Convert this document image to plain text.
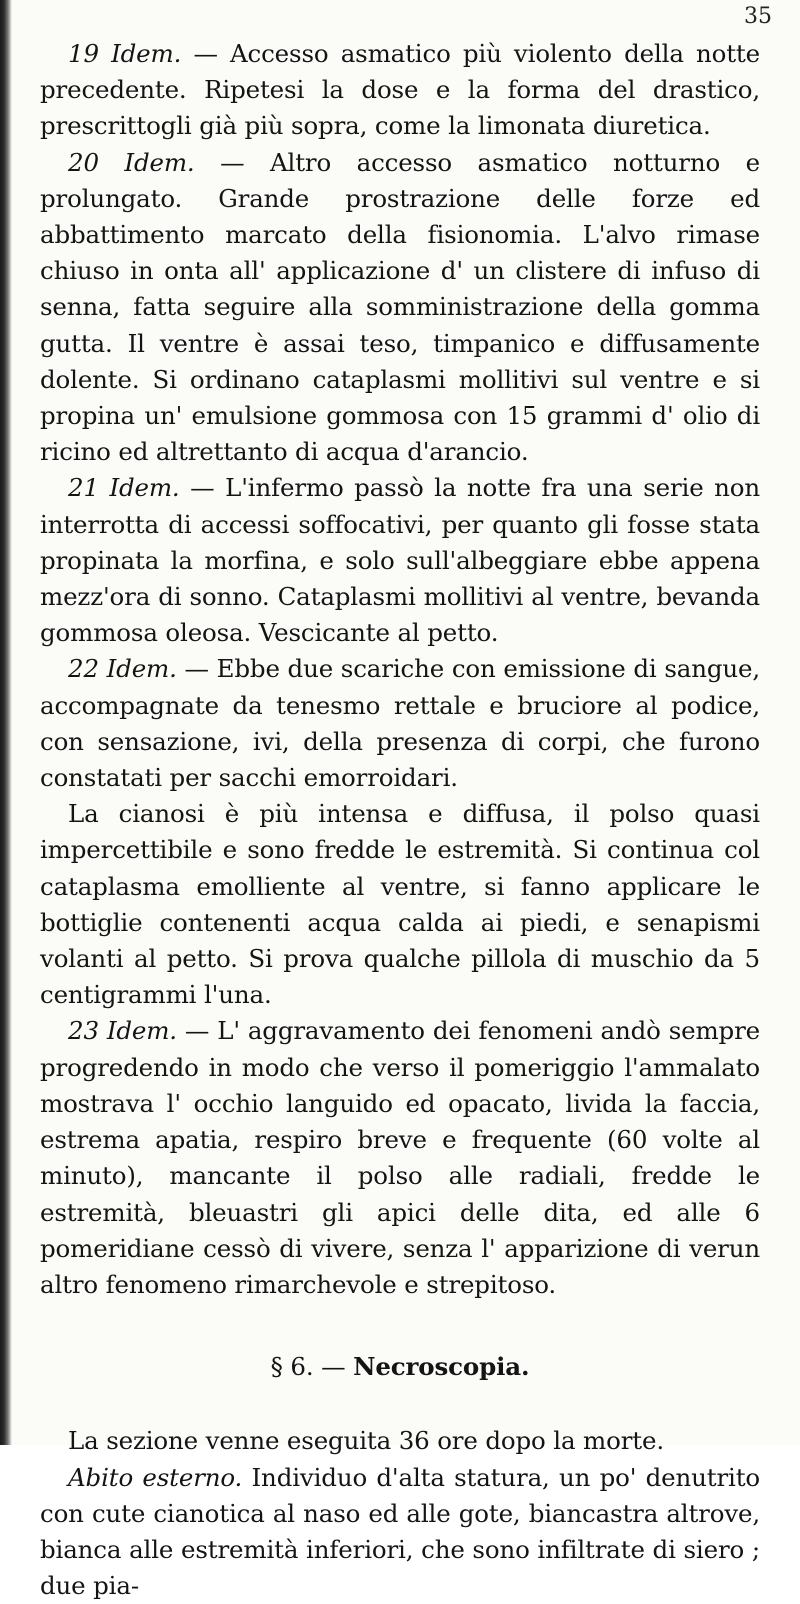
35

19 Idem. — Accesso asmatico più violento della notte precedente. Ripetesi la dose e la forma del drastico, prescrittogli già più sopra, come la limonata diuretica.

20 Idem. — Altro accesso asmatico notturno e prolungato. Grande prostrazione delle forze ed abbattimento marcato della fisionomia. L'alvo rimase chiuso in onta all' applicazione d' un clistere di infuso di senna, fatta seguire alla somministrazione della gomma gutta. Il ventre è assai teso, timpanico e diffusamente dolente. Si ordinano cataplasmi mollitivi sul ventre e si propina un' emulsione gommosa con 15 grammi d' olio di ricino ed altrettanto di acqua d'arancio.

21 Idem. — L'infermo passò la notte fra una serie non interrotta di accessi soffocativi, per quanto gli fosse stata propinata la morfina, e solo sull'albeggiare ebbe appena mezz'ora di sonno. Cataplasmi mollitivi al ventre, bevanda gommosa oleosa. Vescicante al petto.

22 Idem. — Ebbe due scariche con emissione di sangue, accompagnate da tenesmo rettale e bruciore al podice, con sensazione, ivi, della presenza di corpi, che furono constatati per sacchi emorroidari.

La cianosi è più intensa e diffusa, il polso quasi impercettibile e sono fredde le estremità. Si continua col cataplasma emolliente al ventre, si fanno applicare le bottiglie contenenti acqua calda ai piedi, e senapismi volanti al petto. Si prova qualche pillola di muschio da 5 centigrammi l'una.

23 Idem. — L' aggravamento dei fenomeni andò sempre progredendo in modo che verso il pomeriggio l'ammalato mostrava l' occhio languido ed opacato, livida la faccia, estrema apatia, respiro breve e frequente (60 volte al minuto), mancante il polso alle radiali, fredde le estremità, bleuastri gli apici delle dita, ed alle 6 pomeridiane cessò di vivere, senza l' apparizione di verun altro fenomeno rimarchevole e strepitoso.

§ 6. — Necroscopia.

La sezione venne eseguita 36 ore dopo la morte.

Abito esterno. Individuo d'alta statura, un po' denutrito con cute cianotica al naso ed alle gote, biancastra altrove, bianca alle estremità inferiori, che sono infiltrate di siero ; due pia-
